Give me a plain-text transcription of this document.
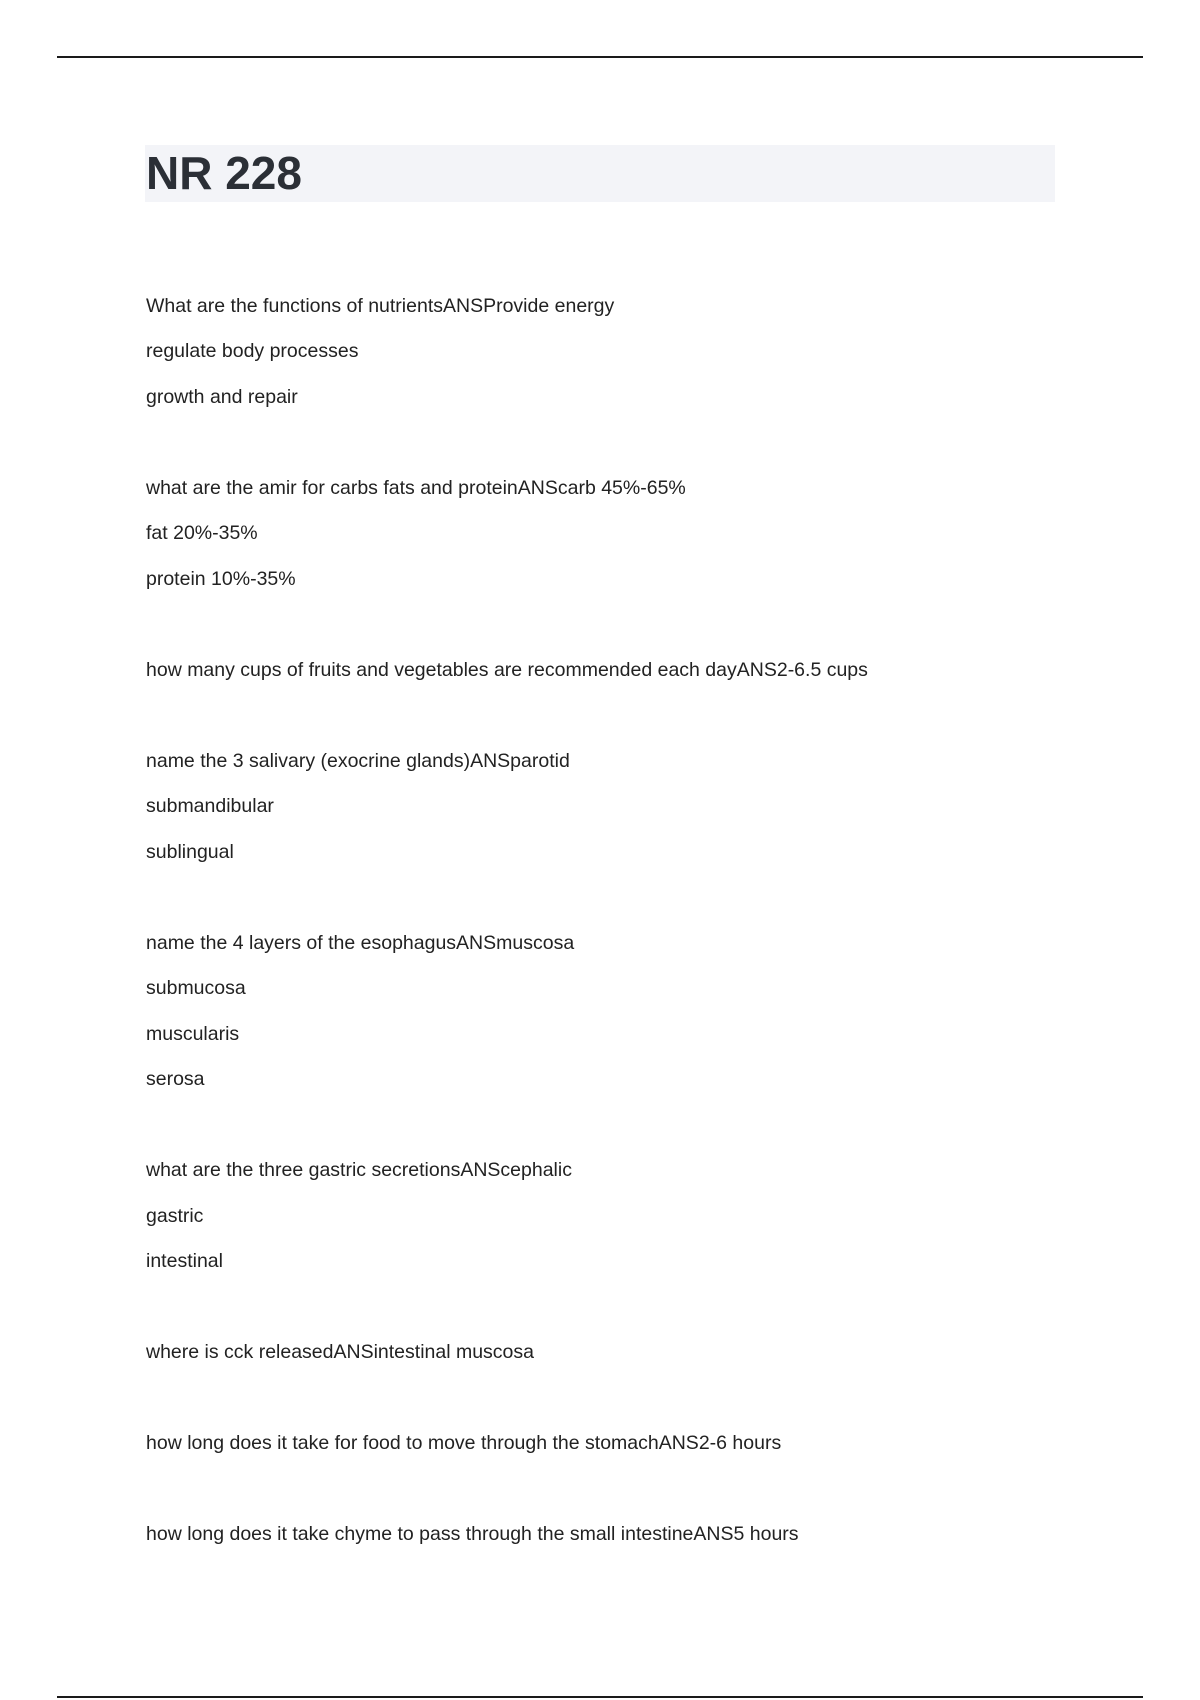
NR 228
What are the functions of nutrientsANSProvide energy
regulate body processes
growth and repair
what are the amir for carbs fats and proteinANScarb 45%-65%
fat 20%-35%
protein 10%-35%
how many cups of fruits and vegetables are recommended each dayANS2-6.5 cups
name the 3 salivary (exocrine glands)ANSparotid
submandibular
sublingual
name the 4 layers of the esophagusANSmuscosa
submucosa
muscularis
serosa
what are the three gastric secretionsANScephalic
gastric
intestinal
where is cck releasedANSintestinal muscosa
how long does it take for food to move through the stomachANS2-6 hours
how long does it take chyme to pass through the small intestineANS5 hours
